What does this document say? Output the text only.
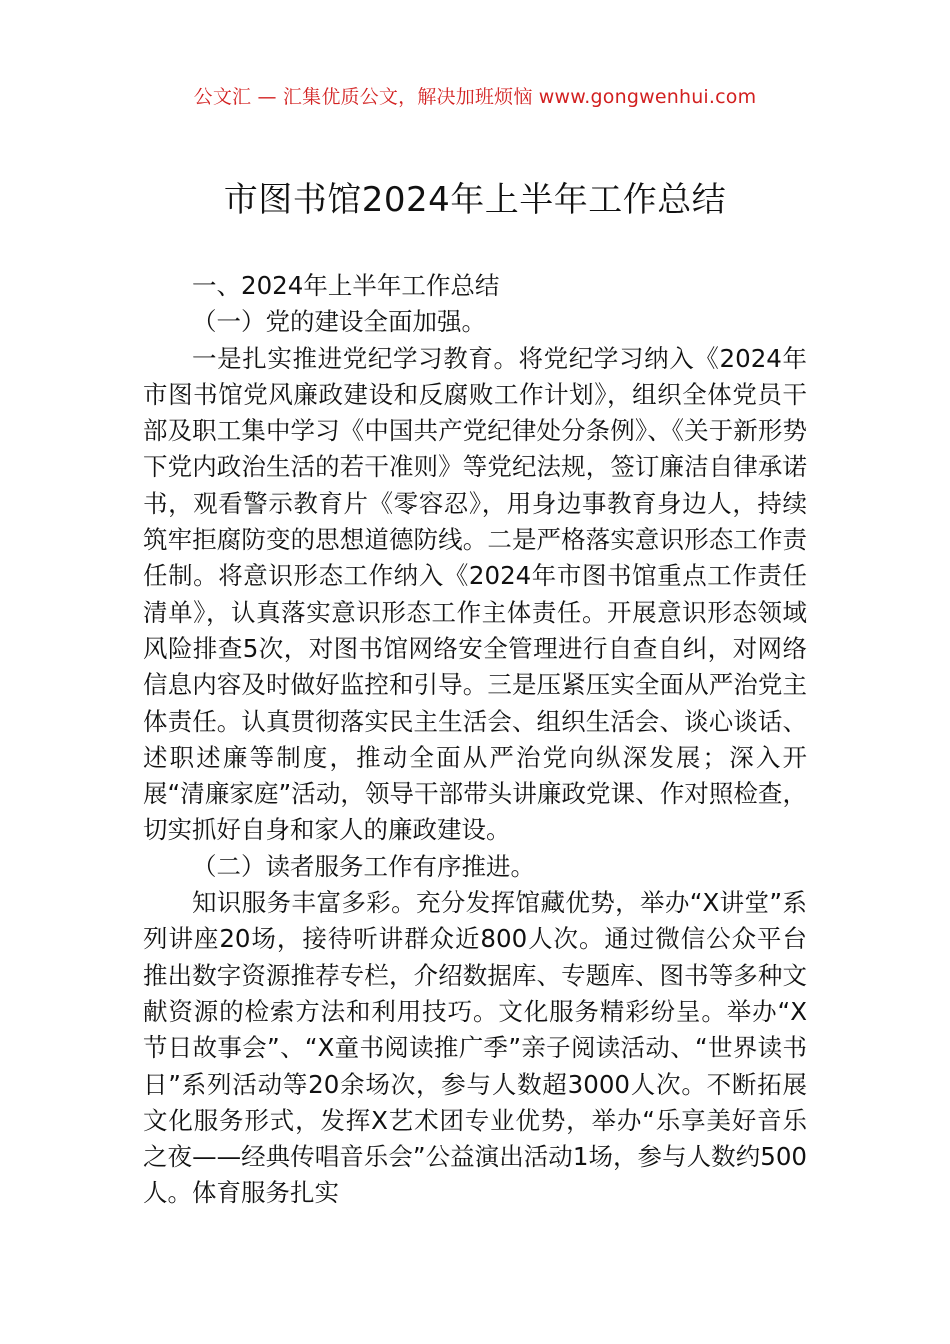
公文汇 — 汇集优质公文，解决加班烦恼 www.gongwenhui.com
市图书馆2024年上半年工作总结

一、2024年上半年工作总结

（一）党的建设全面加强。

一是扎实推进党纪学习教育。将党纪学习纳入《2024年市图书馆党风廉政建设和反腐败工作计划》，组织全体党员干部及职工集中学习《中国共产党纪律处分条例》、《关于新形势下党内政治生活的若干准则》等党纪法规，签订廉洁自律承诺书，观看警示教育片《零容忍》，用身边事教育身边人，持续筑牢拒腐防变的思想道德防线。二是严格落实意识形态工作责任制。将意识形态工作纳入《2024年市图书馆重点工作责任清单》，认真落实意识形态工作主体责任。开展意识形态领域风险排查5次，对图书馆网络安全管理进行自查自纠，对网络信息内容及时做好监控和引导。三是压紧压实全面从严治党主体责任。认真贯彻落实民主生活会、组织生活会、谈心谈话、述职述廉等制度，推动全面从严治党向纵深发展；深入开展“清廉家庭”活动，领导干部带头讲廉政党课、作对照检查，切实抓好自身和家人的廉政建设。

（二）读者服务工作有序推进。

知识服务丰富多彩。充分发挥馆藏优势，举办“X讲堂”系列讲座20场，接待听讲群众近800人次。通过微信公众平台推出数字资源推荐专栏，介绍数据库、专题库、图书等多种文献资源的检索方法和利用技巧。文化服务精彩纷呈。举办“X节日故事会”、“X童书阅读推广季”亲子阅读活动、“世界读书日”系列活动等20余场次，参与人数超3000人次。不断拓展文化服务形式，发挥X艺术团专业优势，举办“乐享美好音乐之夜——经典传唱音乐会”公益演出活动1场，参与人数约500人。体育服务扎实
